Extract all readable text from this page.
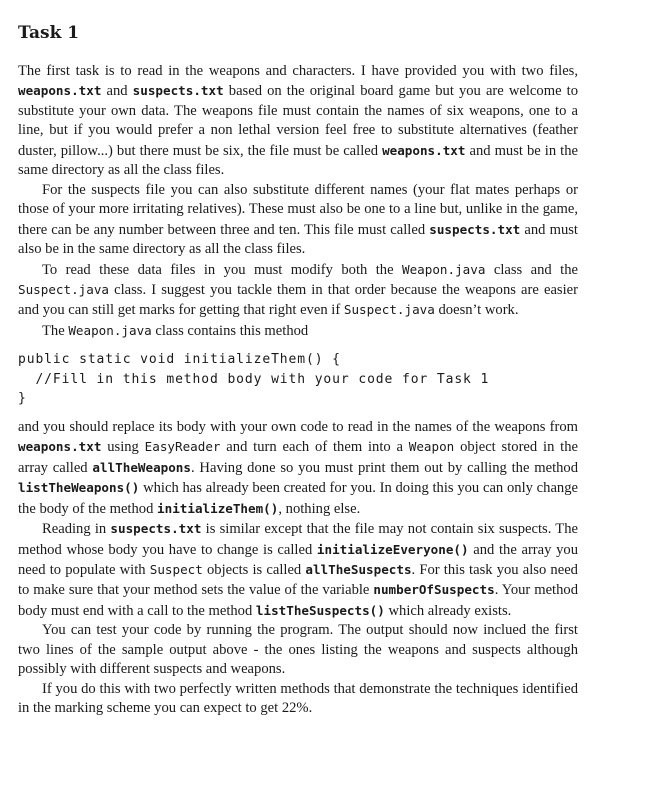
Task 1

The first task is to read in the weapons and characters. I have provided you with two files, weapons.txt and suspects.txt based on the original board game but you are welcome to substitute your own data. The weapons file must contain the names of six weapons, one to a line, but if you would prefer a non lethal version feel free to substitute alternatives (feather duster, pillow...) but there must be six, the file must be called weapons.txt and must be in the same directory as all the class files.

For the suspects file you can also substitute different names (your flat mates perhaps or those of your more irritating relatives). These must also be one to a line but, unlike in the game, there can be any number between three and ten. This file must called suspects.txt and must also be in the same directory as all the class files.

To read these data files in you must modify both the Weapon.java class and the Suspect.java class. I suggest you tackle them in that order because the weapons are easier and you can still get marks for getting that right even if Suspect.java doesn’t work.

The Weapon.java class contains this method

public static void initializeThem() {
//Fill in this method body with your code for Task 1
}

and you should replace its body with your own code to read in the names of the weapons from weapons.txt using EasyReader and turn each of them into a Weapon object stored in the array called allTheWeapons. Having done so you must print them out by calling the method listTheWeapons() which has already been created for you. In doing this you can only change the body of the method initializeThem(), nothing else.

Reading in suspects.txt is similar except that the file may not contain six suspects. The method whose body you have to change is called initializeEveryone() and the array you need to populate with Suspect objects is called allTheSuspects. For this task you also need to make sure that your method sets the value of the variable numberOfSuspects. Your method body must end with a call to the method listTheSuspects() which already exists.

You can test your code by running the program. The output should now inclued the first two lines of the sample output above - the ones listing the weapons and suspects although possibly with different suspects and weapons.

If you do this with two perfectly written methods that demonstrate the techniques identified in the marking scheme you can expect to get 22%.
